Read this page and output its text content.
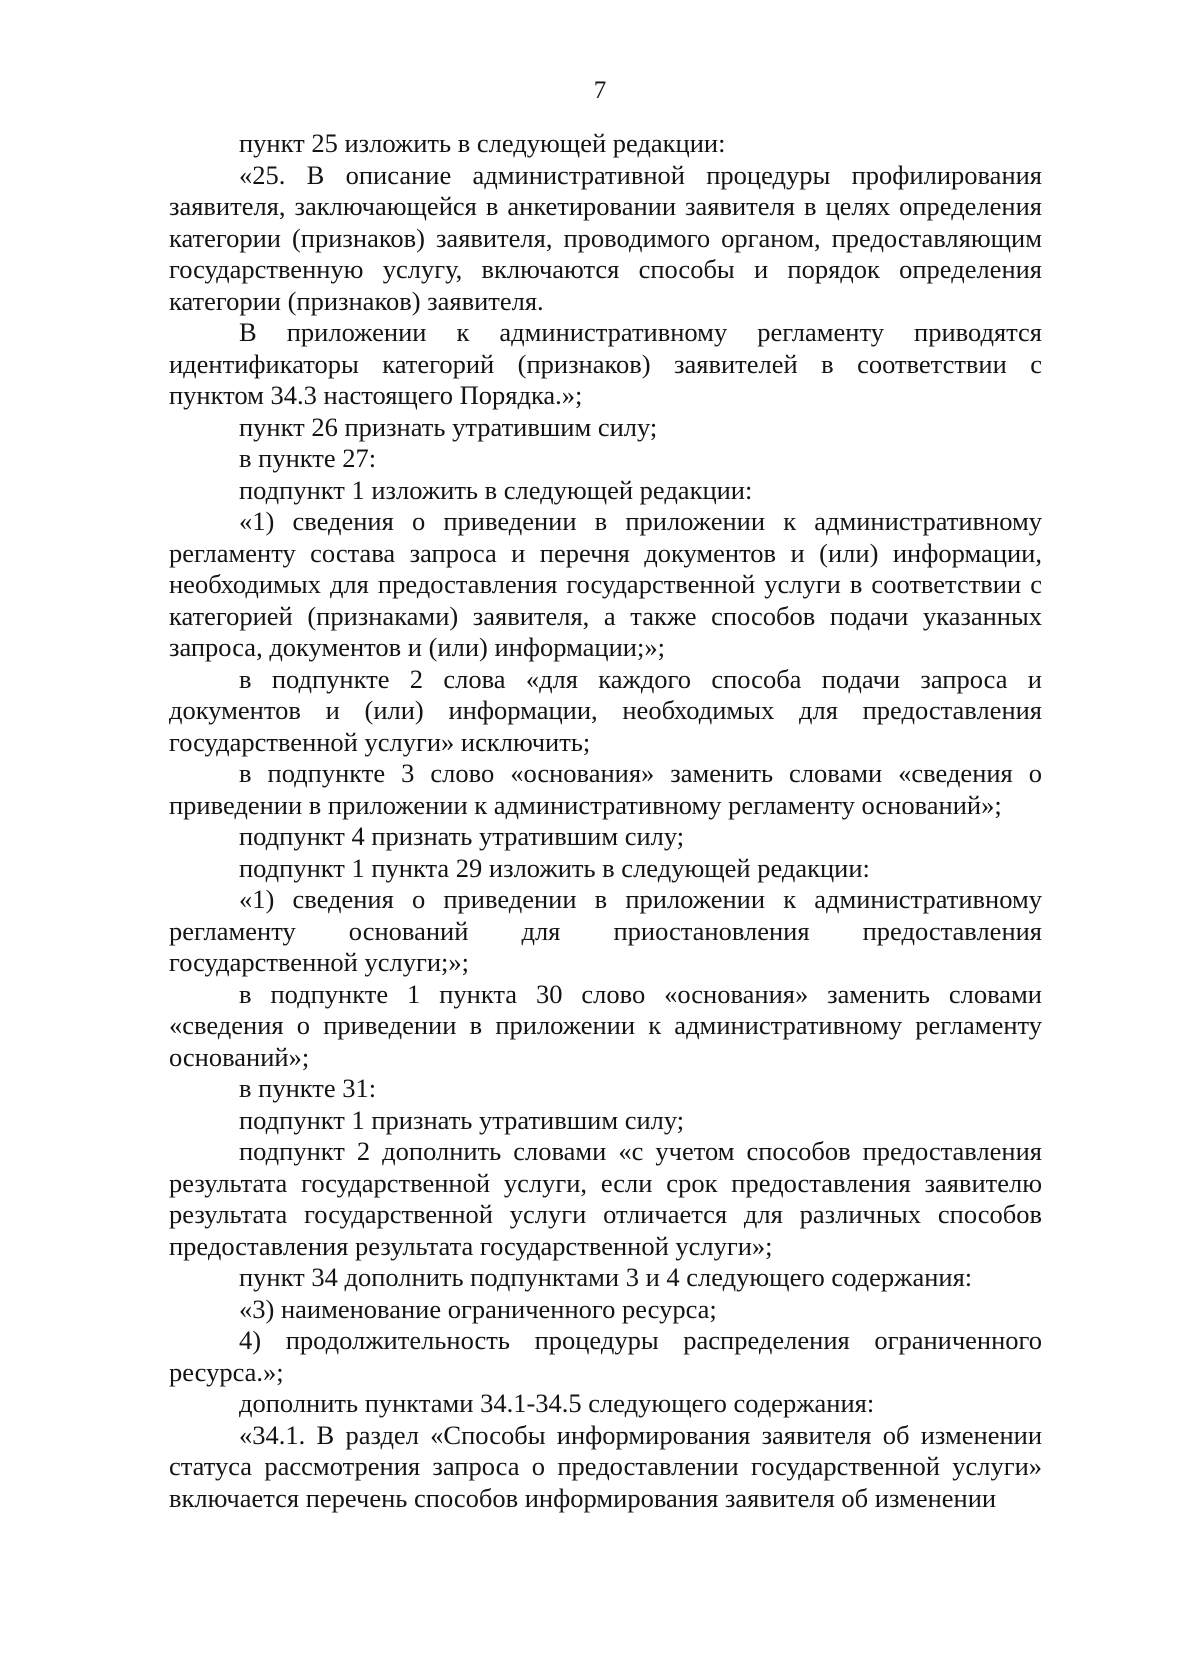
7

пункт 25 изложить в следующей редакции:

«25. В описание административной процедуры профилирования заявителя, заключающейся в анкетировании заявителя в целях определения категории (признаков) заявителя, проводимого органом, предоставляющим государственную услугу, включаются способы и порядок определения категории (признаков) заявителя.

В приложении к административному регламенту приводятся идентификаторы категорий (признаков) заявителей в соответствии с пунктом 34.3 настоящего Порядка.»;

пункт 26 признать утратившим силу;

в пункте 27:

подпункт 1 изложить в следующей редакции:

«1) сведения о приведении в приложении к административному регламенту состава запроса и перечня документов и (или) информации, необходимых для предоставления государственной услуги в соответствии с категорией (признаками) заявителя, а также способов подачи указанных запроса, документов и (или) информации;»;

в подпункте 2 слова «для каждого способа подачи запроса и документов и (или) информации, необходимых для предоставления государственной услуги» исключить;

в подпункте 3 слово «основания» заменить словами «сведения о приведении в приложении к административному регламенту оснований»;

подпункт 4 признать утратившим силу;

подпункт 1 пункта 29 изложить в следующей редакции:

«1) сведения о приведении в приложении к административному регламенту оснований для приостановления предоставления государственной услуги;»;

в подпункте 1 пункта 30 слово «основания» заменить словами «сведения о приведении в приложении к административному регламенту оснований»;

в пункте 31:

подпункт 1 признать утратившим силу;

подпункт 2 дополнить словами «с учетом способов предоставления результата государственной услуги, если срок предоставления заявителю результата государственной услуги отличается для различных способов предоставления результата государственной услуги»;

пункт 34 дополнить подпунктами 3 и 4 следующего содержания:

«3) наименование ограниченного ресурса;

4) продолжительность процедуры распределения ограниченного ресурса.»;

дополнить пунктами 34.1-34.5 следующего содержания:

«34.1. В раздел «Способы информирования заявителя об изменении статуса рассмотрения запроса о предоставлении государственной услуги» включается перечень способов информирования заявителя об изменении
